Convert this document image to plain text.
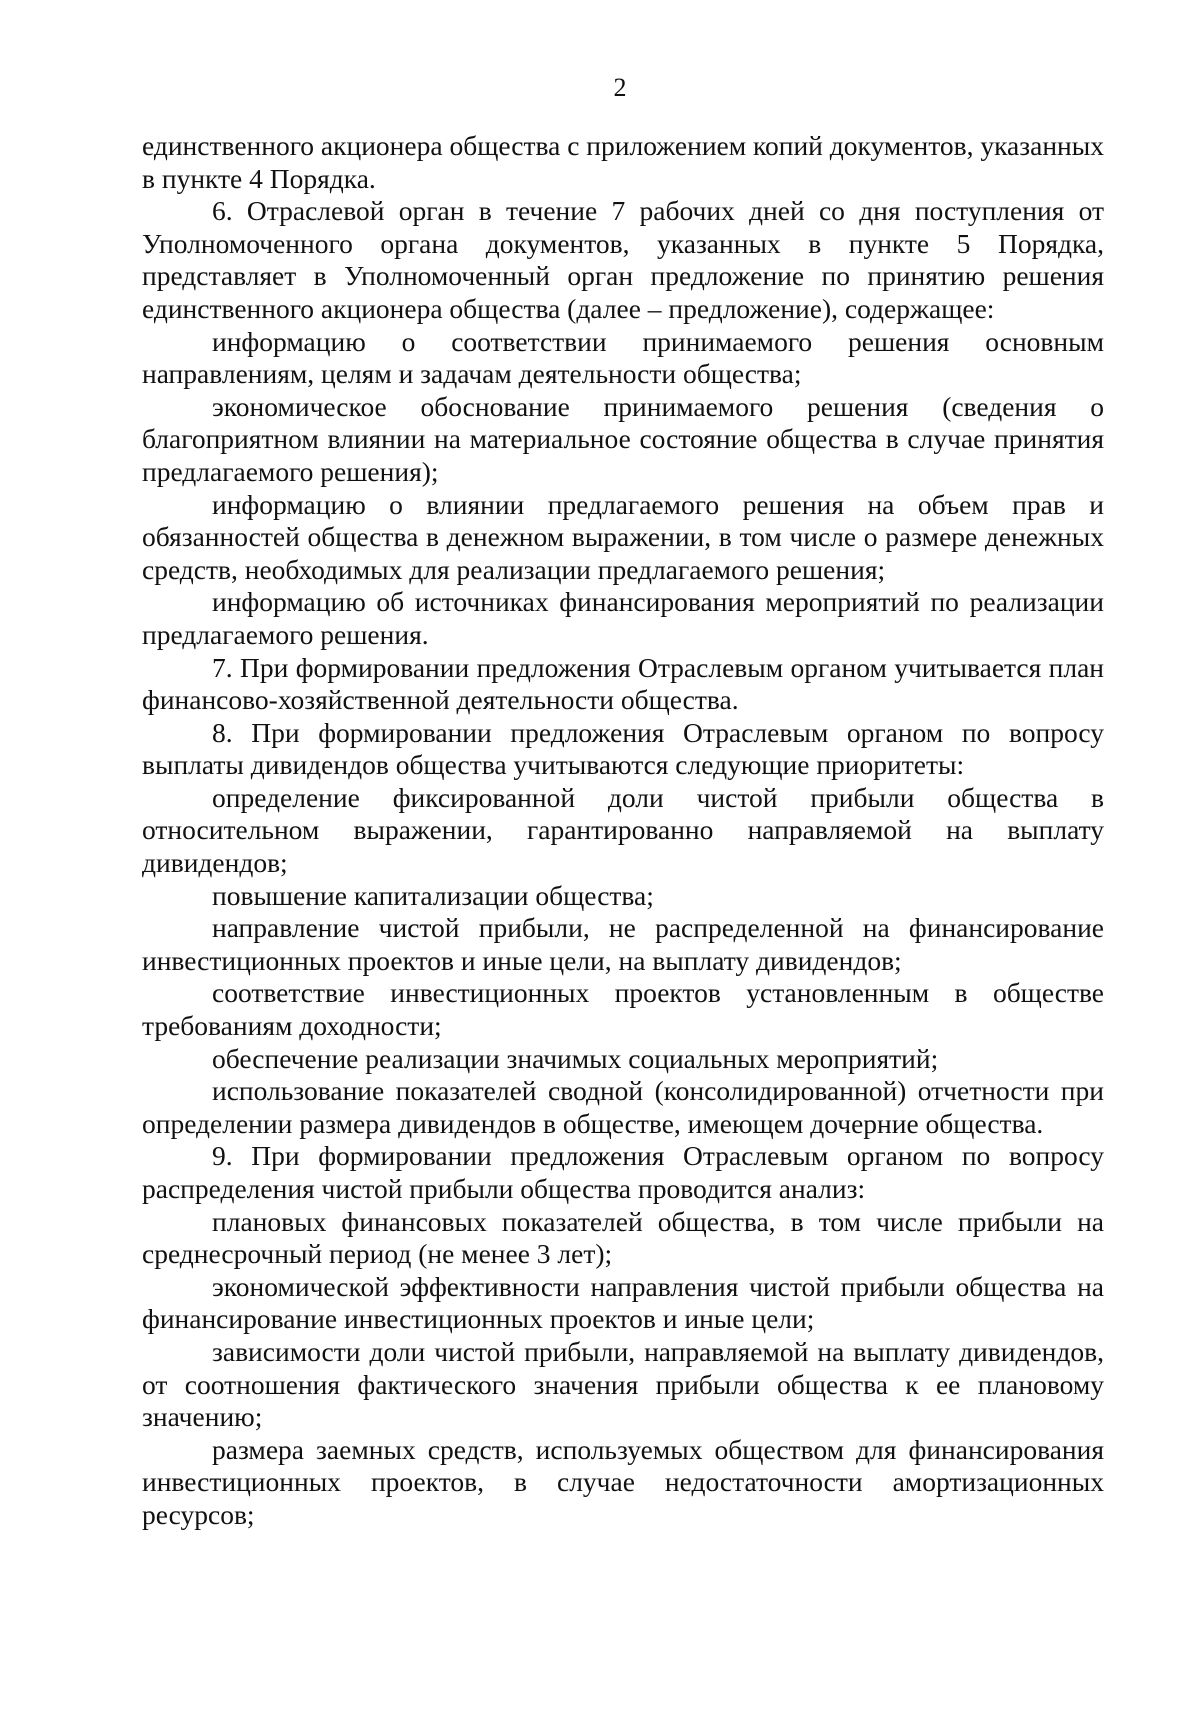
2

единственного акционера общества с приложением копий документов, указанных в пункте 4 Порядка.

6. Отраслевой орган в течение 7 рабочих дней со дня поступления от Уполномоченного органа документов, указанных в пункте 5 Порядка, представляет в Уполномоченный орган предложение по принятию решения единственного акционера общества (далее – предложение), содержащее:

информацию о соответствии принимаемого решения основным направлениям, целям и задачам деятельности общества;

экономическое обоснование принимаемого решения (сведения о благоприятном влиянии на материальное состояние общества в случае принятия предлагаемого решения);

информацию о влиянии предлагаемого решения на объем прав и обязанностей общества в денежном выражении, в том числе о размере денежных средств, необходимых для реализации предлагаемого решения;

информацию об источниках финансирования мероприятий по реализации предлагаемого решения.

7. При формировании предложения Отраслевым органом учитывается план финансово-хозяйственной деятельности общества.

8. При формировании предложения Отраслевым органом по вопросу выплаты дивидендов общества учитываются следующие приоритеты:

определение фиксированной доли чистой прибыли общества в относительном выражении, гарантированно направляемой на выплату дивидендов;

повышение капитализации общества;

направление чистой прибыли, не распределенной на финансирование инвестиционных проектов и иные цели, на выплату дивидендов;

соответствие инвестиционных проектов установленным в обществе требованиям доходности;

обеспечение реализации значимых социальных мероприятий;

использование показателей сводной (консолидированной) отчетности при определении размера дивидендов в обществе, имеющем дочерние общества.

9. При формировании предложения Отраслевым органом по вопросу распределения чистой прибыли общества проводится анализ:

плановых финансовых показателей общества, в том числе прибыли на среднесрочный период (не менее 3 лет);

экономической эффективности направления чистой прибыли общества на финансирование инвестиционных проектов и иные цели;

зависимости доли чистой прибыли, направляемой на выплату дивидендов, от соотношения фактического значения прибыли общества к ее плановому значению;

размера заемных средств, используемых обществом для финансирования инвестиционных проектов, в случае недостаточности амортизационных ресурсов;
